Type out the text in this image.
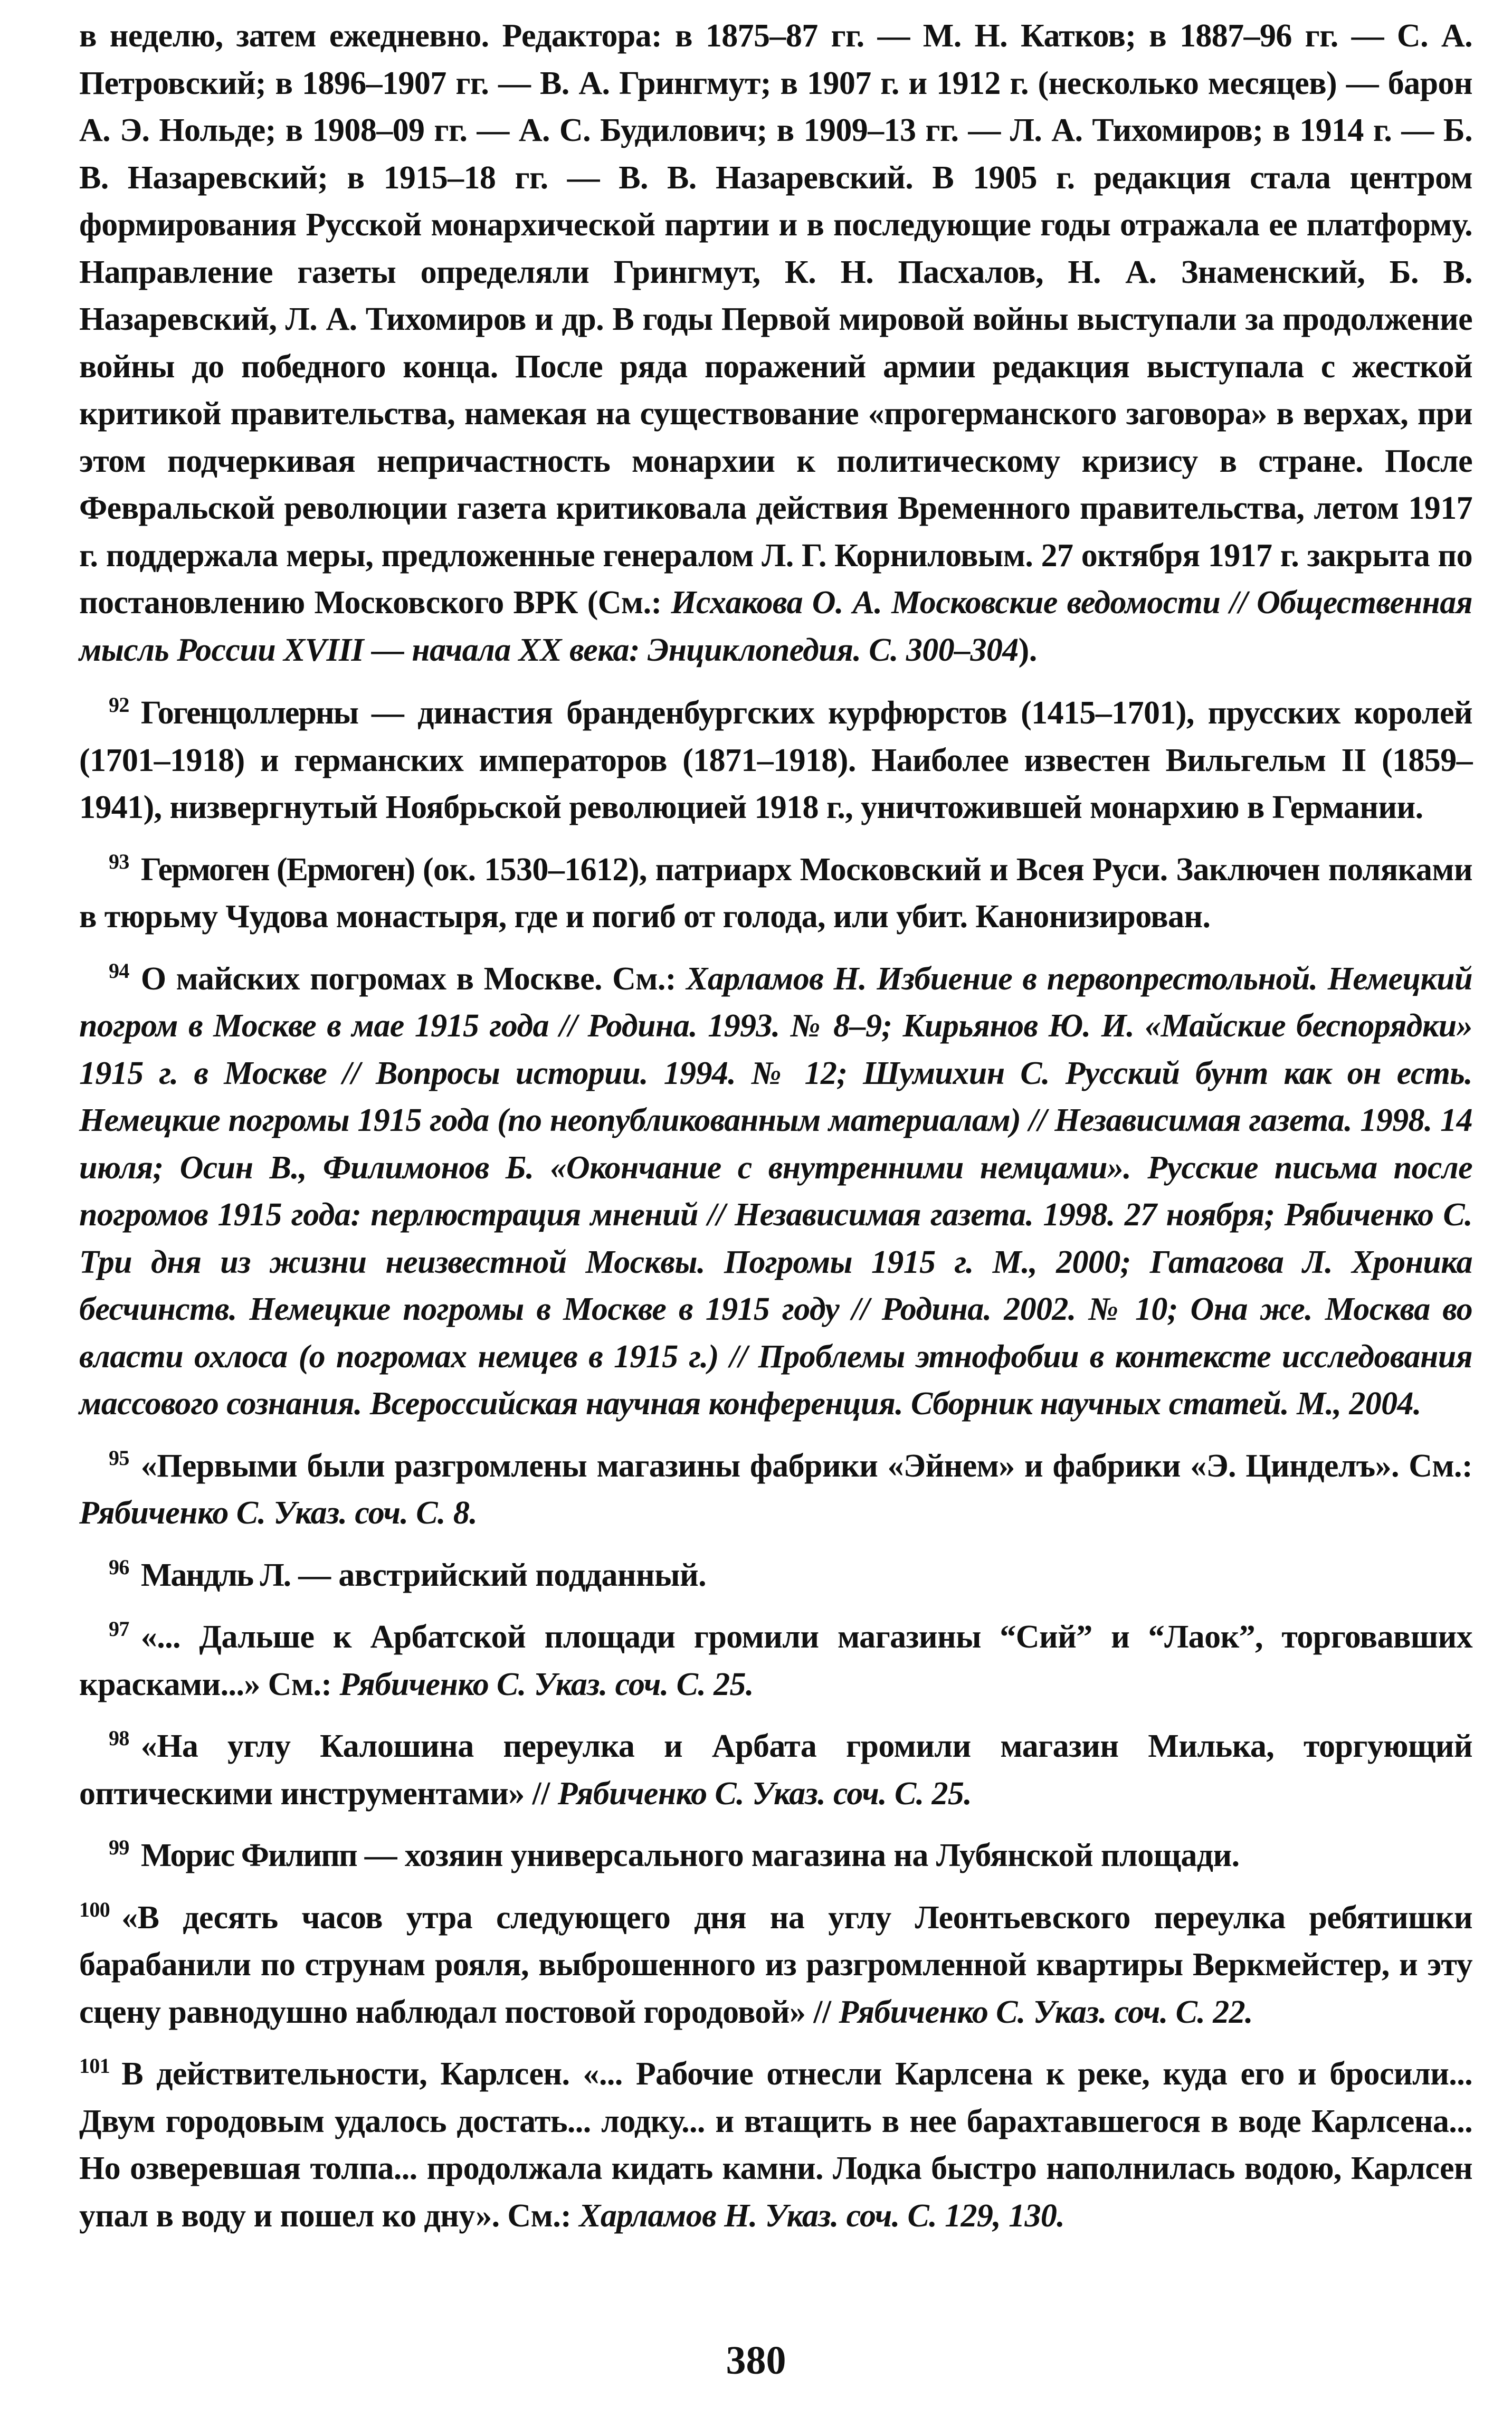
в неделю, затем ежедневно. Редактора: в 1875–87 гг. — М. Н. Катков; в 1887–96 гг. — С. А. Петровский; в 1896–1907 гг. — В. А. Грингмут; в 1907 г. и 1912 г. (несколько месяцев) — барон А. Э. Нольде; в 1908–09 гг. — А. С. Будилович; в 1909–13 гг. — Л. А. Тихомиров; в 1914 г. — Б. В. Назаревский; в 1915–18 гг. — В. В. Назаревский. В 1905 г. редакция стала центром формирования Русской монархической партии и в последующие годы отражала ее платформу. Направление газеты определяли Грингмут, К. Н. Пасхалов, Н. А. Знаменский, Б. В. Назаревский, Л. А. Тихомиров и др. В годы Первой мировой войны выступали за продолжение войны до победного конца. После ряда поражений армии редакция выступала с жесткой критикой правительства, намекая на существование «прогерманского заговора» в верхах, при этом подчеркивая непричастность монархии к политическому кризису в стране. После Февральской революции газета критиковала действия Временного правительства, летом 1917 г. поддержала меры, предложенные генералом Л. Г. Корниловым. 27 октября 1917 г. закрыта по постановлению Московского ВРК (См.: Исхакова О. А. Московские ведомости // Общественная мысль России XVIII — начала XX века: Энциклопедия. С. 300–304).

92 Гогенцоллерны — династия бранденбургских курфюрстов (1415–1701), прусских королей (1701–1918) и германских императоров (1871–1918). Наиболее известен Вильгельм II (1859–1941), низвергнутый Ноябрьской революцией 1918 г., уничтожившей монархию в Германии.

93 Гермоген (Ермоген) (ок. 1530–1612), патриарх Московский и Всея Руси. Заключен поляками в тюрьму Чудова монастыря, где и погиб от голода, или убит. Канонизирован.

94 О майских погромах в Москве. См.: Харламов Н. Избиение в первопрестольной. Немецкий погром в Москве в мае 1915 года // Родина. 1993. № 8–9; Кирьянов Ю. И. «Майские беспорядки» 1915 г. в Москве // Вопросы истории. 1994. № 12; Шумихин С. Русский бунт как он есть. Немецкие погромы 1915 года (по неопубликованным материалам) // Независимая газета. 1998. 14 июля; Осин В., Филимонов Б. «Окончание с внутренними немцами». Русские письма после погромов 1915 года: перлюстрация мнений // Независимая газета. 1998. 27 ноября; Рябиченко С. Три дня из жизни неизвестной Москвы. Погромы 1915 г. М., 2000; Гатагова Л. Хроника бесчинств. Немецкие погромы в Москве в 1915 году // Родина. 2002. № 10; Она же. Москва во власти охлоса (о погромах немцев в 1915 г.) // Проблемы этнофобии в контексте исследования массового сознания. Всероссийская научная конференция. Сборник научных статей. М., 2004.

95 «Первыми были разгромлены магазины фабрики «Эйнем» и фабрики «Э. Цинделъ». См.: Рябиченко С. Указ. соч. С. 8.

96 Мандль Л. — австрийский подданный.

97 «... Дальше к Арбатской площади громили магазины “Сий” и “Лаок”, торговавших красками...» См.: Рябиченко С. Указ. соч. С. 25.

98 «На углу Калошина переулка и Арбата громили магазин Милька, торгующий оптическими инструментами» // Рябиченко С. Указ. соч. С. 25.

99 Морис Филипп — хозяин универсального магазина на Лубянской площади.

100 «В десять часов утра следующего дня на углу Леонтьевского переулка ребятишки барабанили по струнам рояля, выброшенного из разгромленной квартиры Веркмейстер, и эту сцену равнодушно наблюдал постовой городовой» // Рябиченко С. Указ. соч. С. 22.

101 В действительности, Карлсен. «... Рабочие отнесли Карлсена к реке, куда его и бросили... Двум городовым удалось достать... лодку... и втащить в нее барахтавшегося в воде Карлсена... Но озверевшая толпа... продолжала кидать камни. Лодка быстро наполнилась водою, Карлсен упал в воду и пошел ко дну». См.: Харламов Н. Указ. соч. С. 129, 130.

380
